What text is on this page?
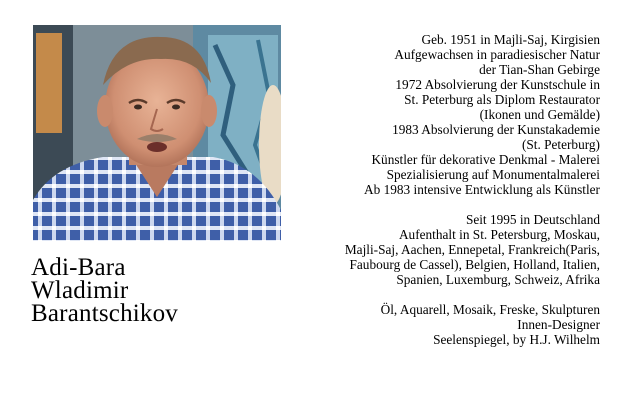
Adi-Bara
Wladimir
Barantschikov
Geb. 1951 in Majli-Saj, Kirgisien
Aufgewachsen in paradiesischer Natur
der Tian-Shan Gebirge
1972 Absolvierung der Kunstschule in
St. Peterburg als Diplom Restaurator
(Ikonen und Gemälde)
1983 Absolvierung der Kunstakademie
(St. Peterburg)
Künstler für dekorative Denkmal - Malerei
Spezialisierung auf Monumentalmalerei
Ab 1983 intensive Entwicklung als Künstler
Seit 1995 in Deutschland
Aufenthalt in St. Petersburg, Moskau,
Majli-Saj, Aachen, Ennepetal, Frankreich(Paris,
Faubourg de Cassel), Belgien, Holland, Italien,
Spanien, Luxemburg, Schweiz, Afrika
Öl, Aquarell, Mosaik, Freske, Skulpturen
Innen-Designer
Seelenspiegel, by H.J. Wilhelm
